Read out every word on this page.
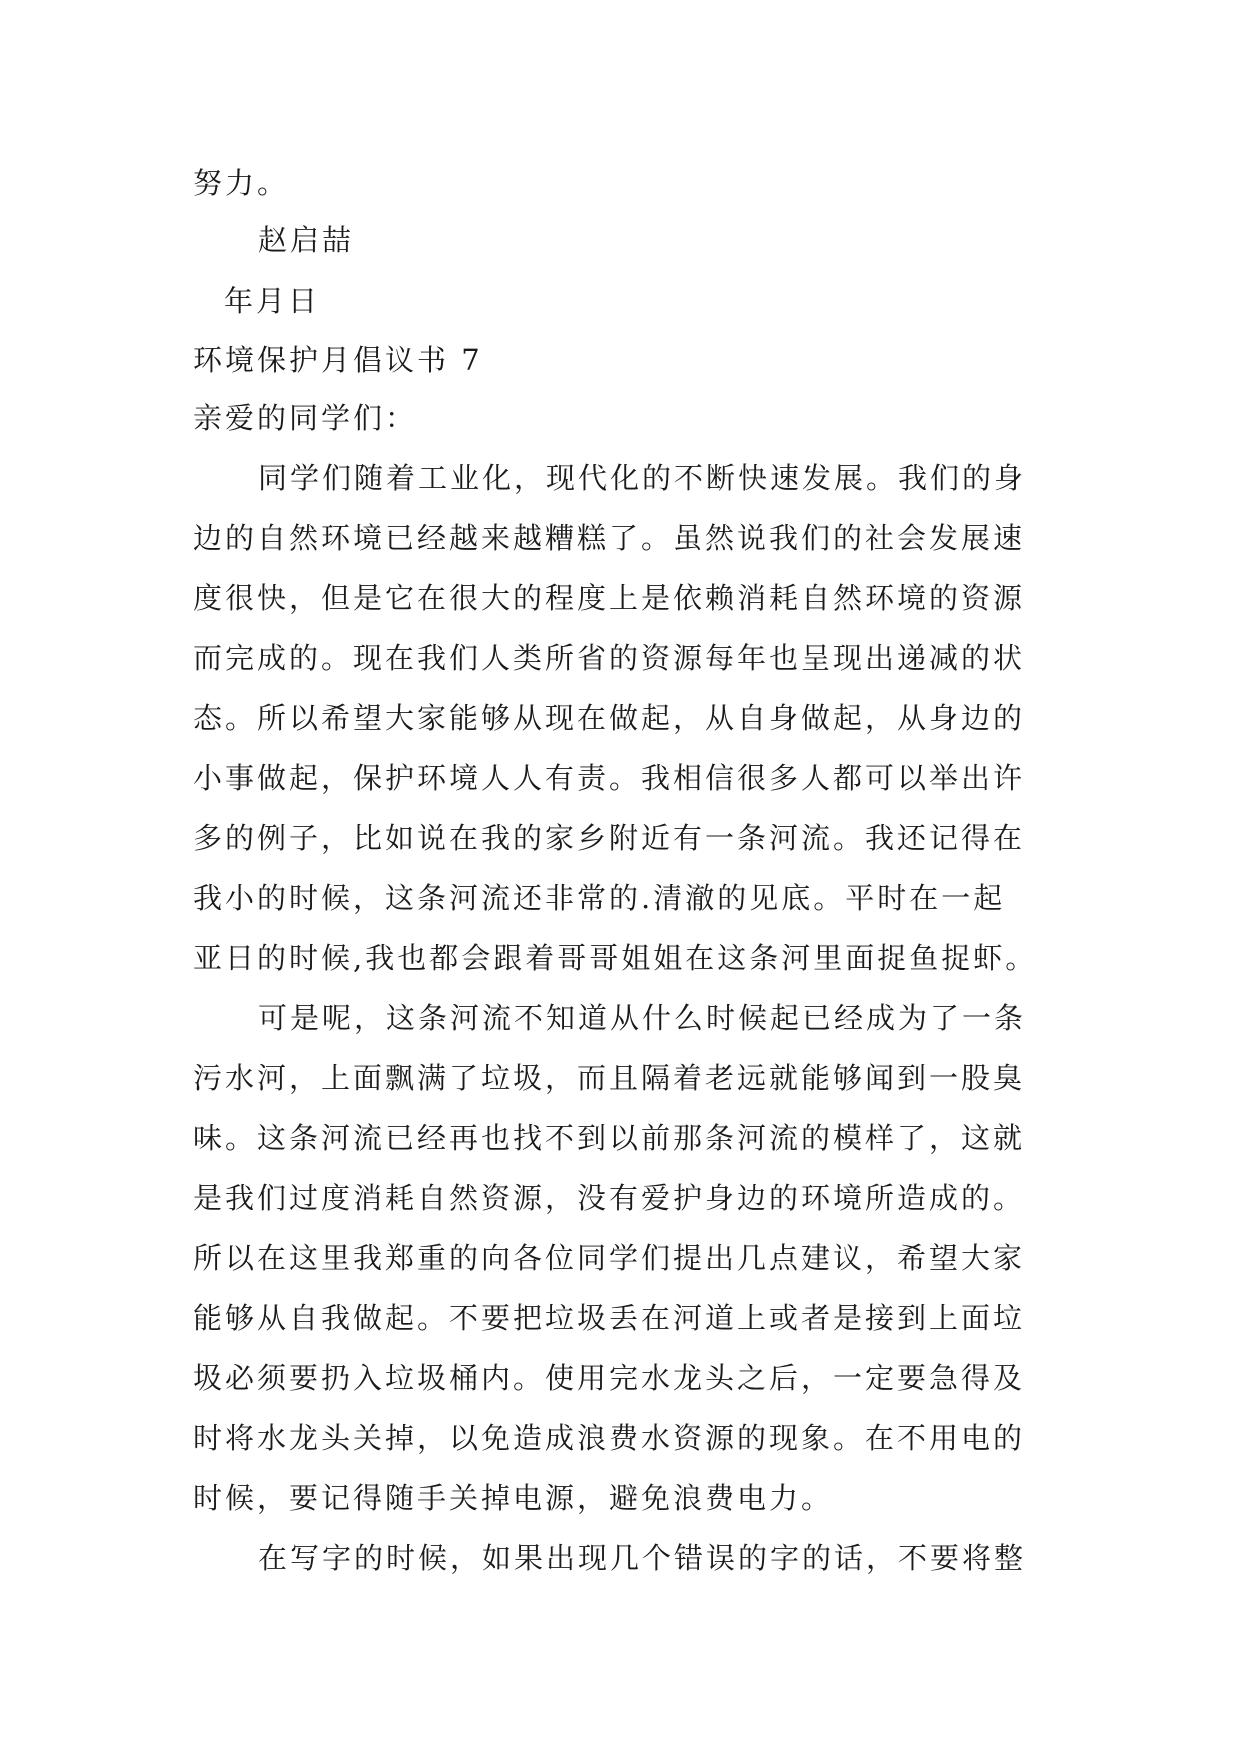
努力。
赵启喆
年月日
环境保护月倡议书 7
亲爱的同学们：
同学们随着工业化，现代化的不断快速发展。我们的身
边的自然环境已经越来越糟糕了。虽然说我们的社会发展速
度很快，但是它在很大的程度上是依赖消耗自然环境的资源
而完成的。现在我们人类所省的资源每年也呈现出递减的状
态。所以希望大家能够从现在做起，从自身做起，从身边的
小事做起，保护环境人人有责。我相信很多人都可以举出许
多的例子，比如说在我的家乡附近有一条河流。我还记得在
我小的时候，这条河流还非常的.清澈的见底。平时在一起
亚日的时候,我也都会跟着哥哥姐姐在这条河里面捉鱼捉虾。
可是呢，这条河流不知道从什么时候起已经成为了一条
污水河，上面飘满了垃圾，而且隔着老远就能够闻到一股臭
味。这条河流已经再也找不到以前那条河流的模样了，这就
是我们过度消耗自然资源，没有爱护身边的环境所造成的。
所以在这里我郑重的向各位同学们提出几点建议，希望大家
能够从自我做起。不要把垃圾丢在河道上或者是接到上面垃
圾必须要扔入垃圾桶内。使用完水龙头之后，一定要急得及
时将水龙头关掉，以免造成浪费水资源的现象。在不用电的
时候，要记得随手关掉电源，避免浪费电力。
在写字的时候，如果出现几个错误的字的话，不要将整
